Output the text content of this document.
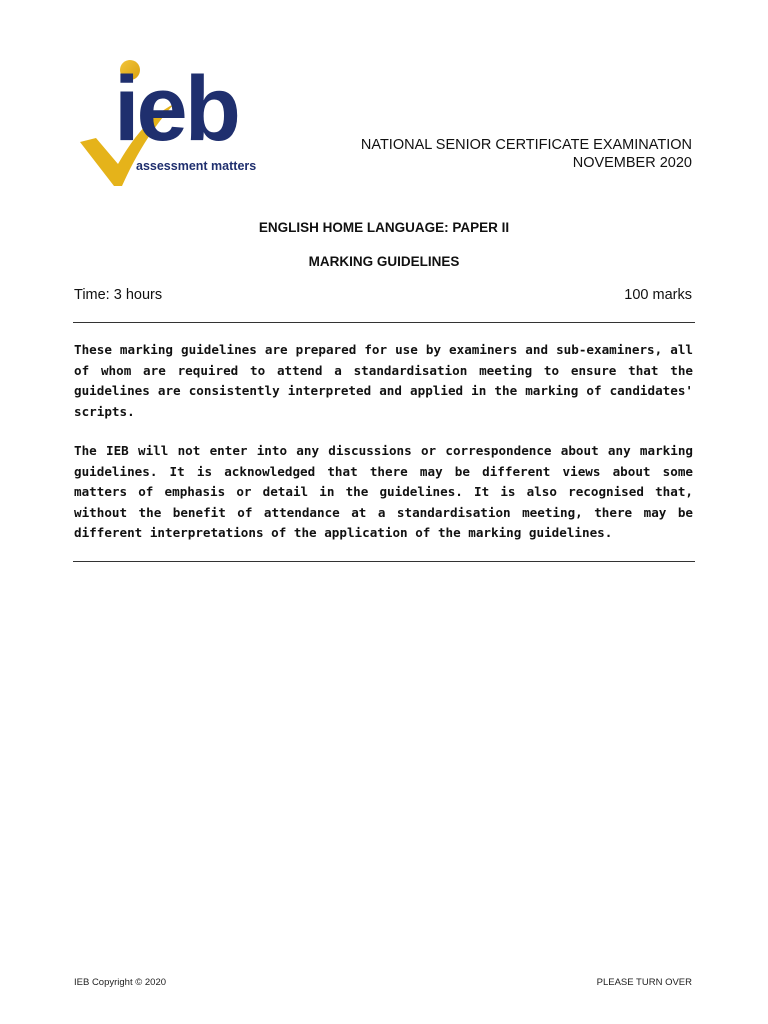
ieb
assessment matters
NATIONAL SENIOR CERTIFICATE EXAMINATION
NOVEMBER 2020
ENGLISH HOME LANGUAGE: PAPER II
MARKING GUIDELINES
Time: 3 hours	100 marks

These marking guidelines are prepared for use by examiners and sub-examiners, all of whom are required to attend a standardisation meeting to ensure that the guidelines are consistently interpreted and applied in the marking of candidates' scripts.

The IEB will not enter into any discussions or correspondence about any marking guidelines. It is acknowledged that there may be different views about some matters of emphasis or detail in the guidelines. It is also recognised that, without the benefit of attendance at a standardisation meeting, there may be different interpretations of the application of the marking guidelines.

IEB Copyright © 2020	PLEASE TURN OVER
